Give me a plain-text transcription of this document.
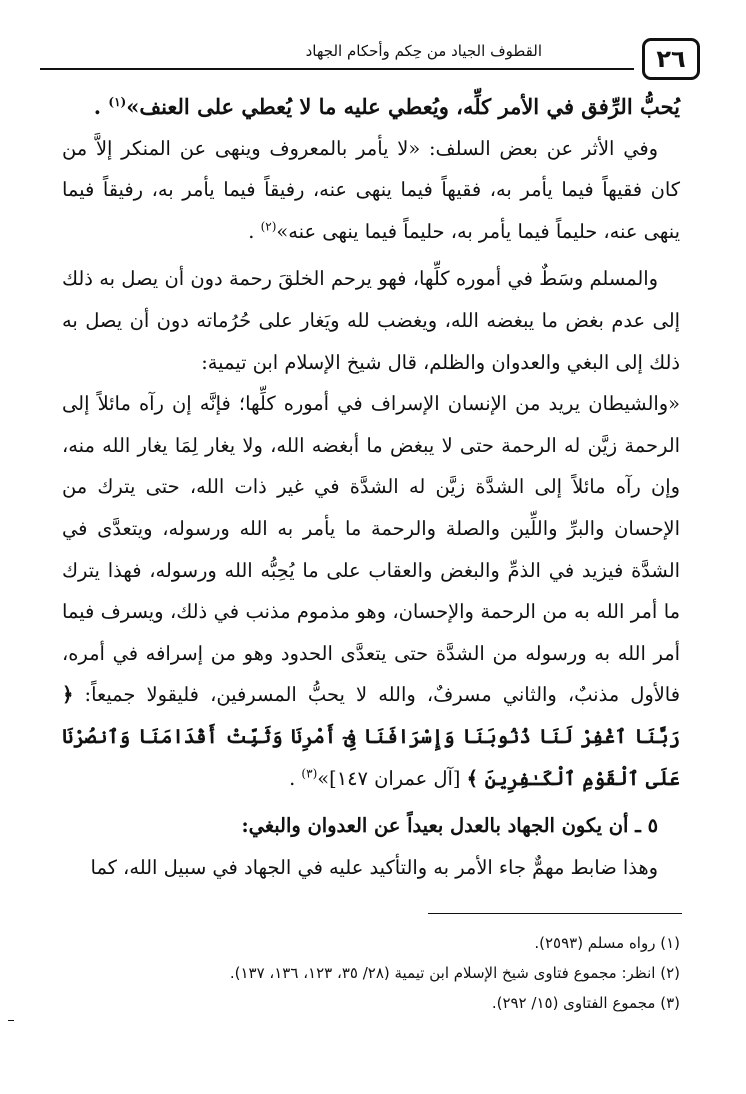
٢٦
القطوف الجياد من حِكم وأحكام الجهاد

يُحبُّ الرِّفق في الأمر كلِّه، ويُعطي عليه ما لا يُعطي على العنف»$^{(١)}$ .

وفي الأثر عن بعض السلف: «لا يأمر بالمعروف وينهى عن المنكر إلاَّ من كان فقيهاً فيما يأمر به، فقيهاً فيما ينهى عنه، رفيقاً فيما يأمر به، رفيقاً فيما ينهى عنه، حليماً فيما يأمر به، حليماً فيما ينهى عنه»$^{(٢)}$ .

والمسلم وسَطٌ في أموره كلِّها، فهو يرحم الخلقَ رحمة دون أن يصل به ذلك إلى عدم بغض ما يبغضه الله، ويغضب لله ويَغار على حُرُماته دون أن يصل به ذلك إلى البغي والعدوان والظلم، قال شيخ الإسلام ابن تيمية:

«والشيطان يريد من الإنسان الإسراف في أموره كلِّها؛ فإنَّه إن رآه مائلاً إلى الرحمة زيَّن له الرحمة حتى لا يبغض ما أبغضه الله، ولا يغار لِمَا يغار الله منه، وإن رآه مائلاً إلى الشدَّة زيَّن له الشدَّة في غير ذات الله، حتى يترك من الإحسان والبرِّ واللِّين والصلة والرحمة ما يأمر به الله ورسوله، ويتعدَّى في الشدَّة فيزيد في الذمِّ والبغض والعقاب على ما يُحِبُّه الله ورسوله، فهذا يترك ما أمر الله به من الرحمة والإحسان، وهو مذموم مذنب في ذلك، ويسرف فيما أمر الله به ورسوله من الشدَّة حتى يتعدَّى الحدود وهو من إسرافه في أمره، فالأول مذنبٌ، والثاني مسرفٌ، والله لا يحبُّ المسرفين، فليقولا جميعاً: ﴿ رَبَّنَا ٱغْفِرْ لَنَا ذُنُوبَنَا وَإِسْرَافَنَا فِىٓ أَمْرِنَا وَثَبِّتْ أَقْدَامَنَا وَٱنصُرْنَا عَلَى ٱلْقَوْمِ ٱلْكَـٰفِرِينَ ﴾ [آل عمران ١٤٧]»$^{(٣)}$ .

٥ ـ أن يكون الجهاد بالعدل بعيداً عن العدوان والبغي:

وهذا ضابط مهمٌّ جاء الأمر به والتأكيد عليه في الجهاد في سبيل الله، كما

(١) رواه مسلم (٢٥٩٣).

(٢) انظر: مجموع فتاوى شيخ الإسلام ابن تيمية (٢٨/ ٣٥، ١٢٣، ١٣٦، ١٣٧).

(٣) مجموع الفتاوى (١٥/ ٢٩٢).
